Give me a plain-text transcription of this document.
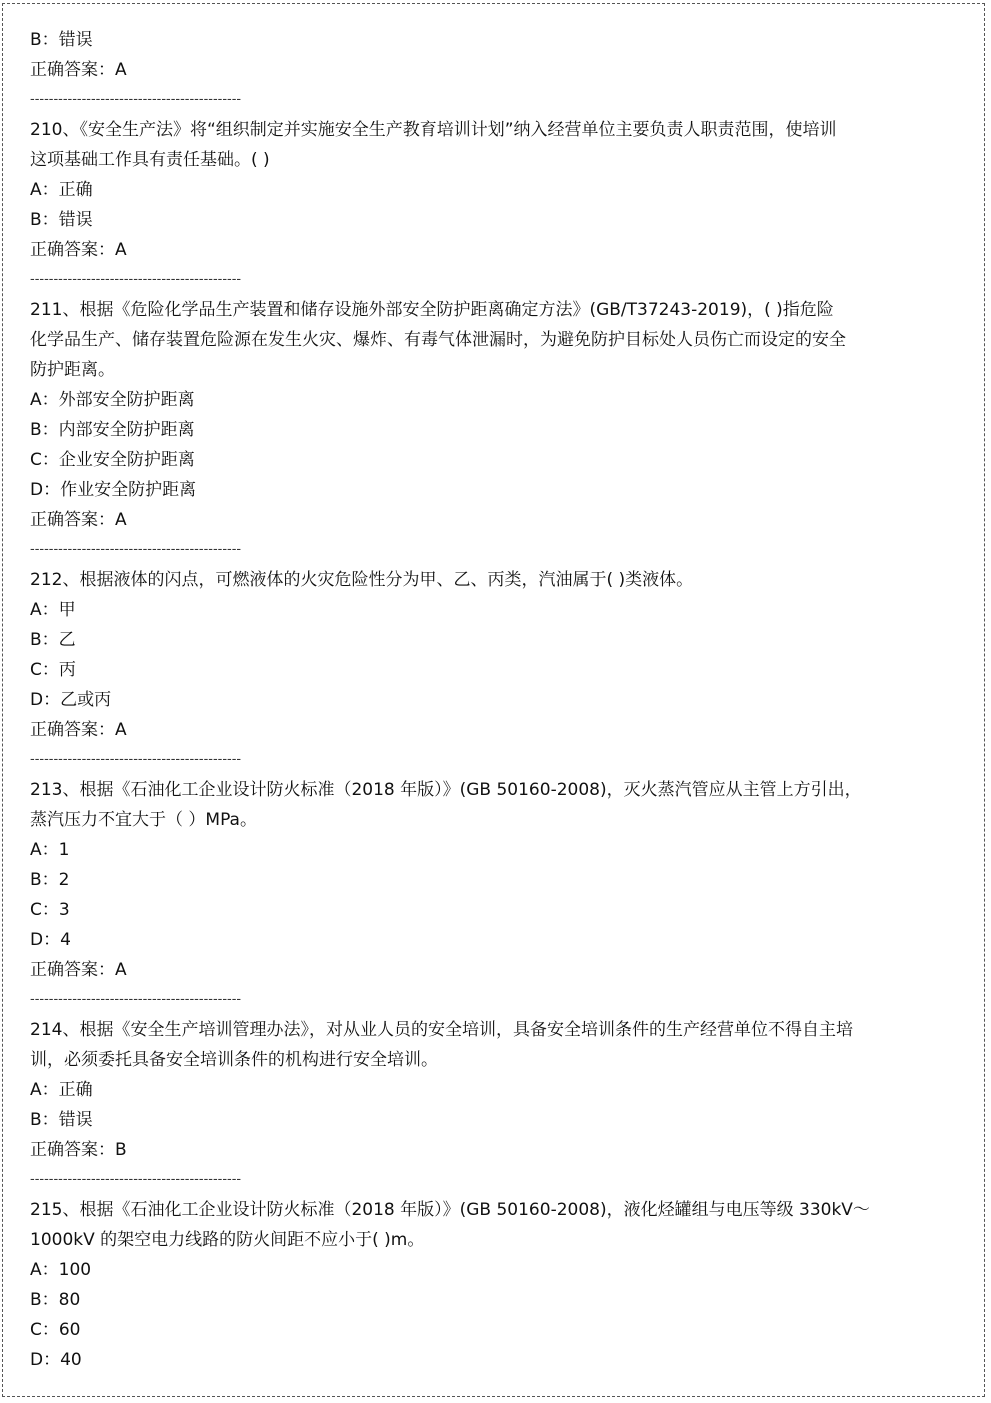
B：错误
正确答案：A
---------------------------------------------
210、《安全生产法》将“组织制定并实施安全生产教育培训计划”纳入经营单位主要负责人职责范围，使培训
这项基础工作具有责任基础。( )
A：正确
B：错误
正确答案：A
---------------------------------------------
211、根据《危险化学品生产装置和储存设施外部安全防护距离确定方法》(GB/T37243-2019)，( )指危险
化学品生产、储存装置危险源在发生火灾、爆炸、有毒气体泄漏时，为避免防护目标处人员伤亡而设定的安全
防护距离。
A：外部安全防护距离
B：内部安全防护距离
C：企业安全防护距离
D：作业安全防护距离
正确答案：A
---------------------------------------------
212、根据液体的闪点，可燃液体的火灾危险性分为甲、乙、丙类，汽油属于( )类液体。
A：甲
B：乙
C：丙
D：乙或丙
正确答案：A
---------------------------------------------
213、根据《石油化工企业设计防火标准（2018 年版）》(GB 50160-2008)，灭火蒸汽管应从主管上方引出，
蒸汽压力不宜大于（ ）MPa。
A：1
B：2
C：3
D：4
正确答案：A
---------------------------------------------
214、根据《安全生产培训管理办法》，对从业人员的安全培训，具备安全培训条件的生产经营单位不得自主培
训，必须委托具备安全培训条件的机构进行安全培训。
A：正确
B：错误
正确答案：B
---------------------------------------------
215、根据《石油化工企业设计防火标准（2018 年版）》(GB 50160-2008)，液化烃罐组与电压等级 330kV～
1000kV 的架空电力线路的防火间距不应小于( )m。
A：100
B：80
C：60
D：40
